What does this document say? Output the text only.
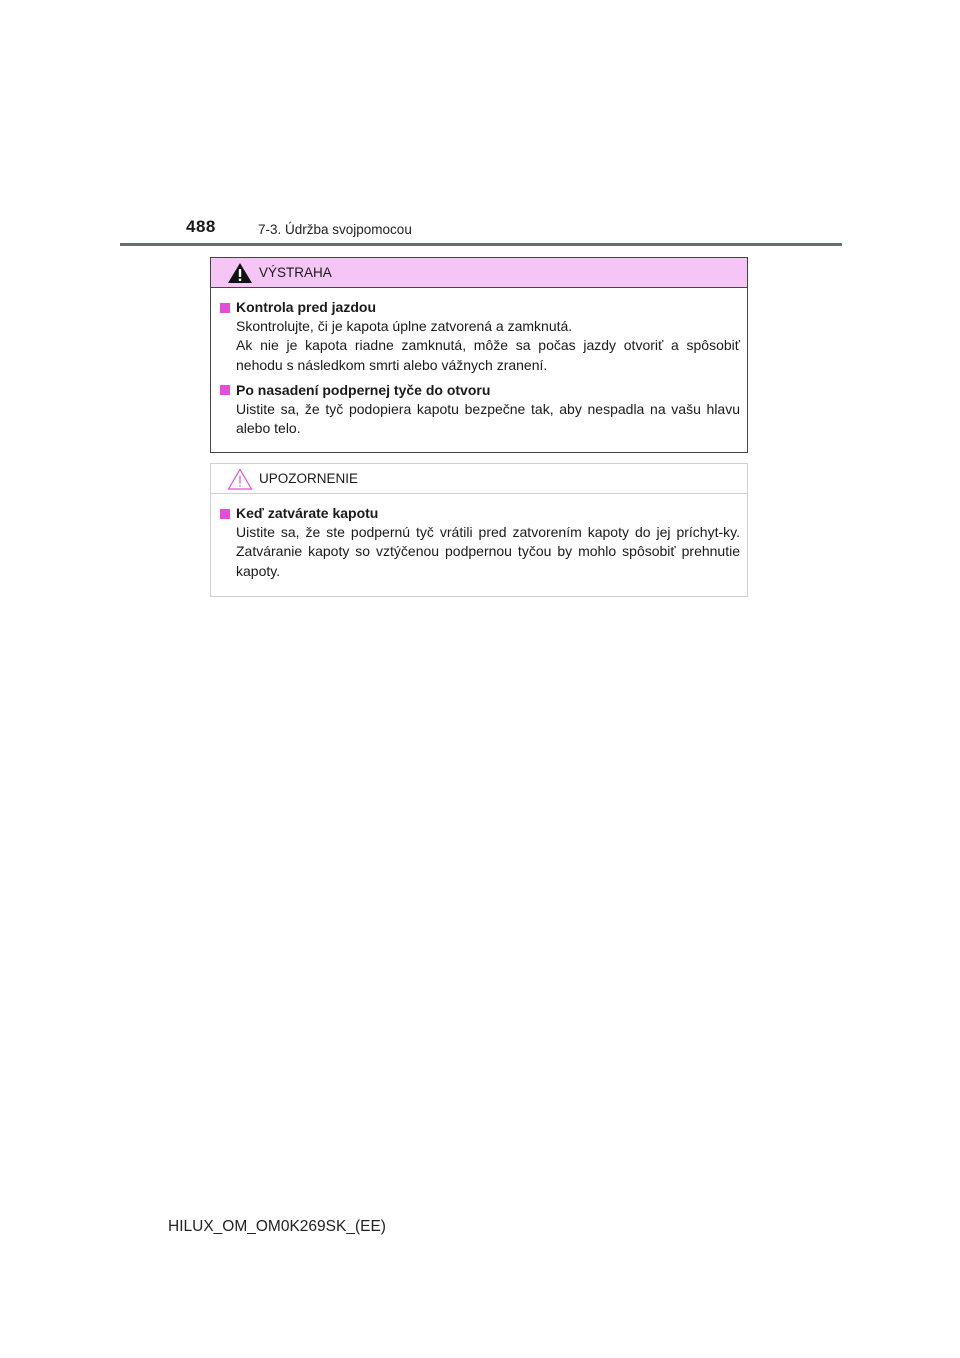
488	7-3. Údržba svojpomocou
VÝSTRAHA
Kontrola pred jazdou

Skontrolujte, či je kapota úplne zatvorená a zamknutá.

Ak nie je kapota riadne zamknutá, môže sa počas jazdy otvoriť a spôsobiť nehodu s následkom smrti alebo vážnych zranení.

Po nasadení podpernej tyče do otvoru

Uistite sa, že tyč podopiera kapotu bezpečne tak, aby nespadla na vašu hlavu alebo telo.

UPOZORNENIE
Keď zatvárate kapotu

Uistite sa, že ste podpernú tyč vrátili pred zatvorením kapoty do jej príchyt-ky. Zatváranie kapoty so vztýčenou podpernou tyčou by mohlo spôsobiť prehnutie kapoty.

HILUX_OM_OM0K269SK_(EE)
